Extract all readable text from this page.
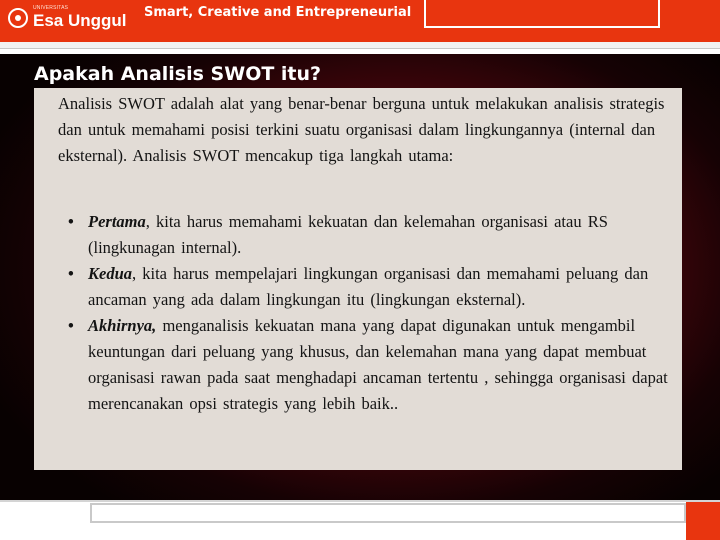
UNIVERSITAS
Esa Unggul Smart, Creative and Entrepreneurial
Apakah Analisis SWOT itu?
Analisis SWOT adalah alat yang benar-benar berguna untuk melakukan analisis strategis dan untuk memahami posisi terkini suatu organisasi dalam lingkungannya (internal dan eksternal). Analisis SWOT mencakup tiga langkah utama:
• Pertama, kita harus memahami kekuatan dan kelemahan organisasi atau RS (lingkunagan internal).
• Kedua, kita harus mempelajari lingkungan organisasi dan memahami peluang dan ancaman yang ada dalam lingkungan itu (lingkungan eksternal).
• Akhirnya, menganalisis kekuatan mana yang dapat digunakan untuk mengambil keuntungan dari peluang yang khusus, dan kelemahan mana yang dapat membuat organisasi rawan pada saat menghadapi ancaman tertentu , sehingga organisasi dapat merencanakan opsi strategis yang lebih baik..
